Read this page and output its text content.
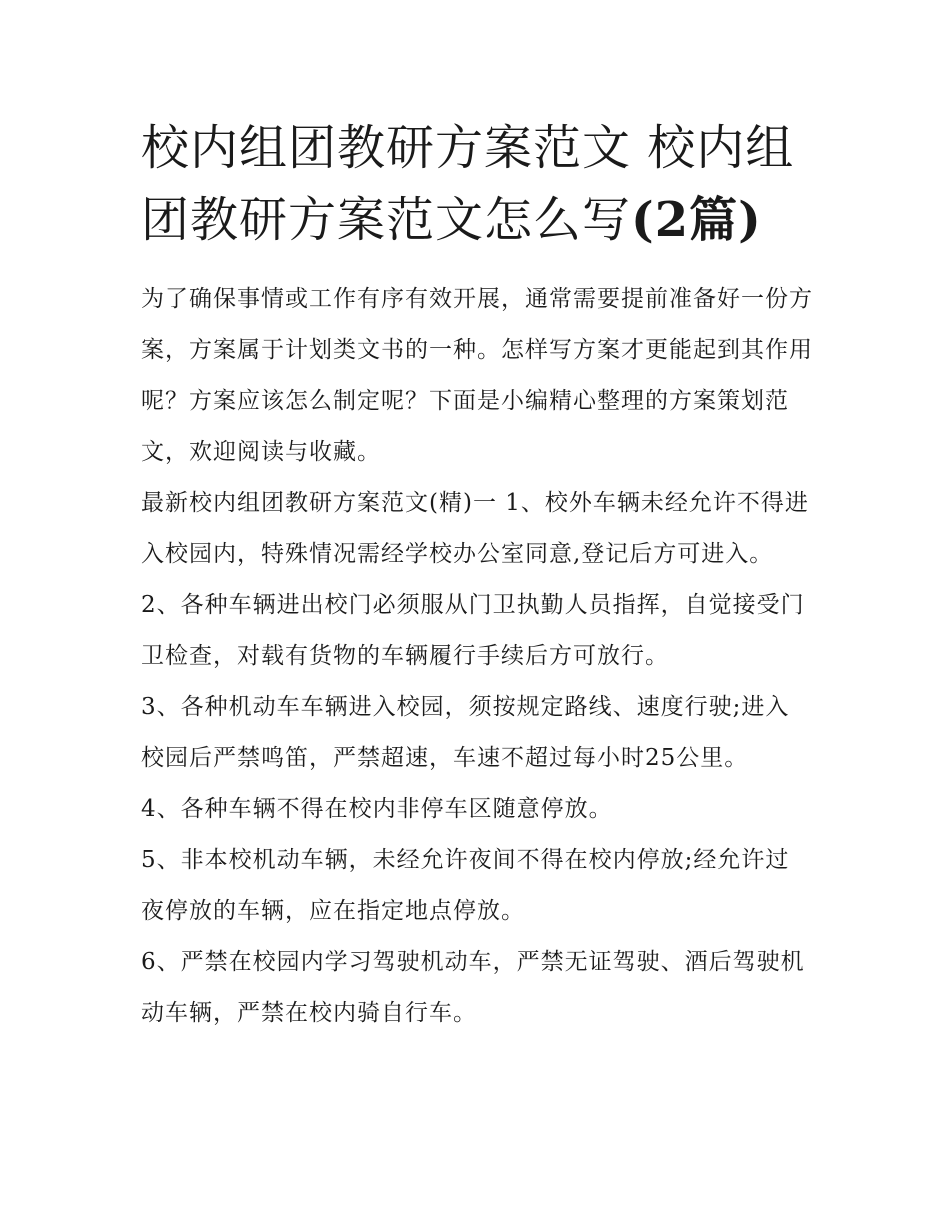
校内组团教研方案范文 校内组团教研方案范文怎么写(2篇)

为了确保事情或工作有序有效开展，通常需要提前准备好一份方案，方案属于计划类文书的一种。怎样写方案才更能起到其作用呢？方案应该怎么制定呢？下面是小编精心整理的方案策划范文，欢迎阅读与收藏。

最新校内组团教研方案范文(精)一 1、校外车辆未经允许不得进入校园内，特殊情况需经学校办公室同意,登记后方可进入。

2、各种车辆进出校门必须服从门卫执勤人员指挥，自觉接受门卫检查，对载有货物的车辆履行手续后方可放行。

3、各种机动车车辆进入校园，须按规定路线、速度行驶;进入校园后严禁鸣笛，严禁超速，车速不超过每小时25公里。

4、各种车辆不得在校内非停车区随意停放。

5、非本校机动车辆，未经允许夜间不得在校内停放;经允许过夜停放的车辆，应在指定地点停放。

6、严禁在校园内学习驾驶机动车，严禁无证驾驶、酒后驾驶机动车辆，严禁在校内骑自行车。
